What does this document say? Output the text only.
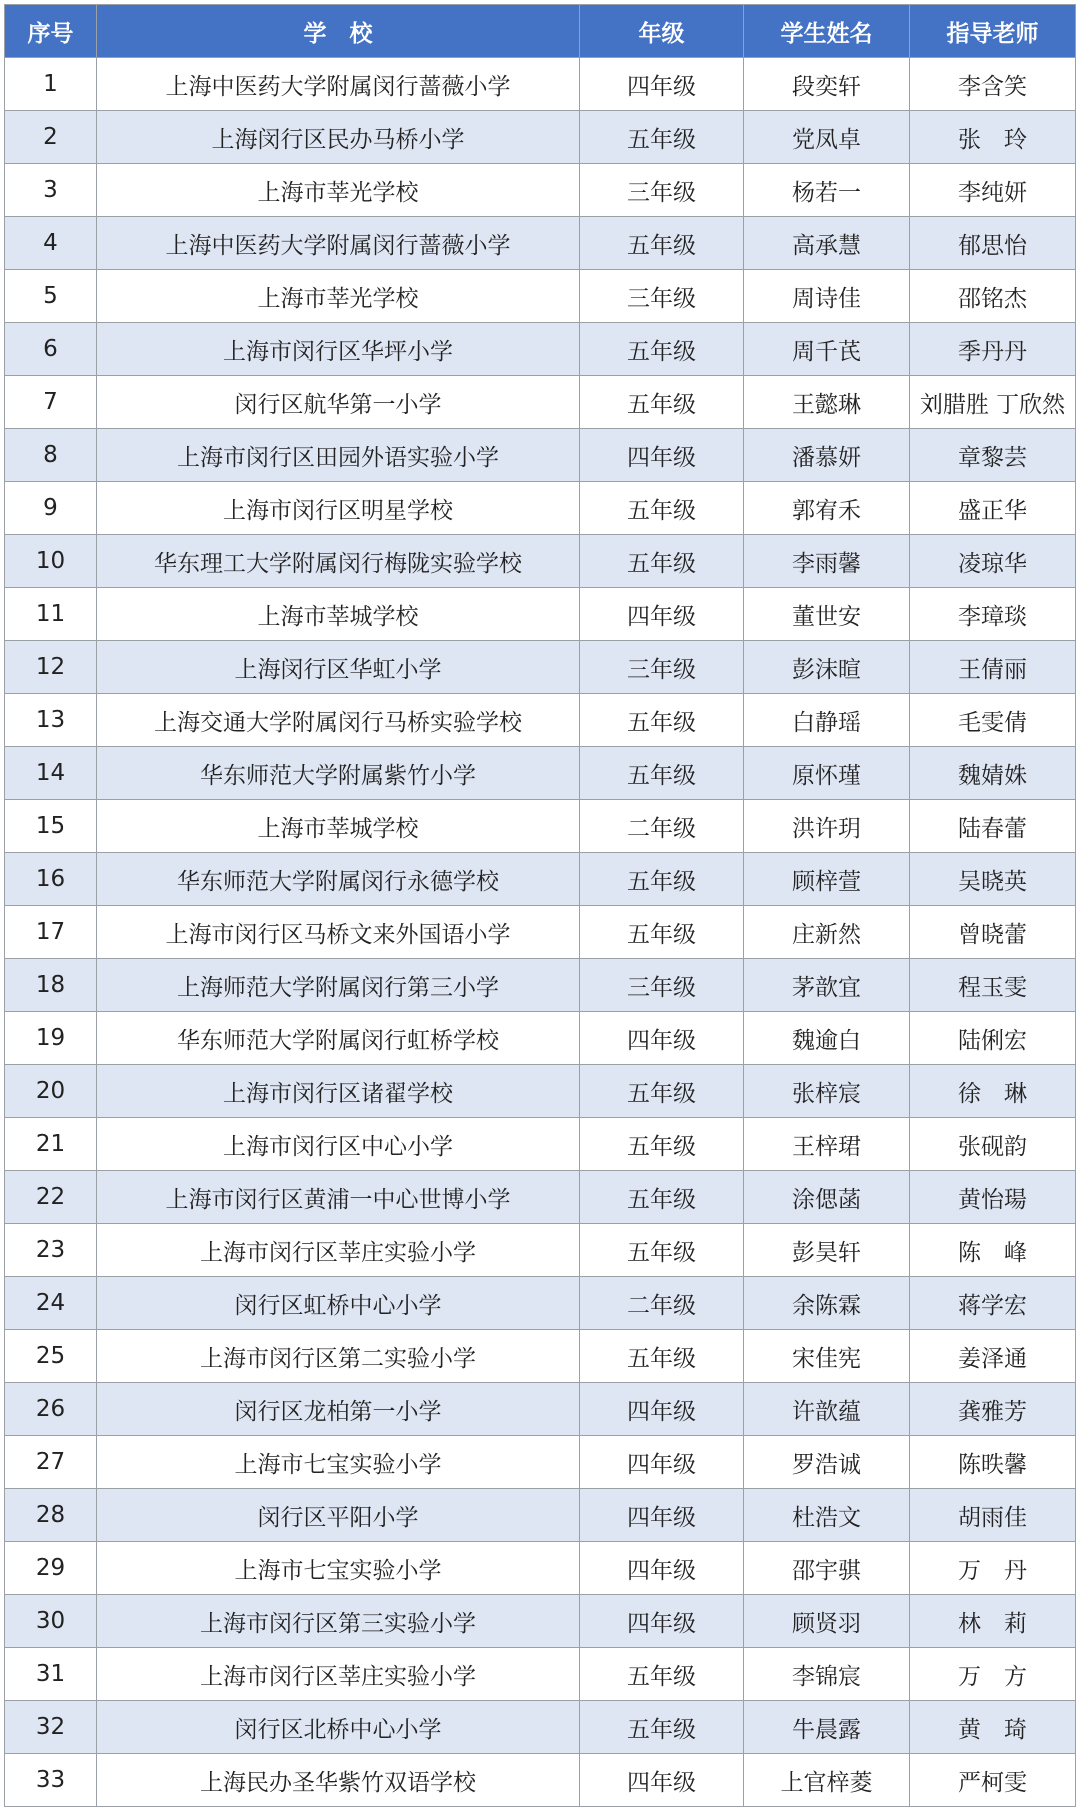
序号	学　校	年级	学生姓名	指导老师
1	上海中医药大学附属闵行蔷薇小学	四年级	段奕轩	李含笑
2	上海闵行区民办马桥小学	五年级	党凤卓	张　玲
3	上海市莘光学校	三年级	杨若一	李纯妍
4	上海中医药大学附属闵行蔷薇小学	五年级	高承慧	郁思怡
5	上海市莘光学校	三年级	周诗佳	邵铭杰
6	上海市闵行区华坪小学	五年级	周千芪	季丹丹
7	闵行区航华第一小学	五年级	王懿琳	刘腊胜 丁欣然
8	上海市闵行区田园外语实验小学	四年级	潘慕妍	章黎芸
9	上海市闵行区明星学校	五年级	郭宥禾	盛正华
10	华东理工大学附属闵行梅陇实验学校	五年级	李雨馨	凌琼华
11	上海市莘城学校	四年级	董世安	李璋琰
12	上海闵行区华虹小学	三年级	彭沫暄	王倩丽
13	上海交通大学附属闵行马桥实验学校	五年级	白静瑶	毛雯倩
14	华东师范大学附属紫竹小学	五年级	原怀瑾	魏婧姝
15	上海市莘城学校	二年级	洪许玥	陆春蕾
16	华东师范大学附属闵行永德学校	五年级	顾梓萱	吴晓英
17	上海市闵行区马桥文来外国语小学	五年级	庄新然	曾晓蕾
18	上海师范大学附属闵行第三小学	三年级	茅歆宜	程玉雯
19	华东师范大学附属闵行虹桥学校	四年级	魏逾白	陆俐宏
20	上海市闵行区诸翟学校	五年级	张梓宸	徐　琳
21	上海市闵行区中心小学	五年级	王梓珺	张砚韵
22	上海市闵行区黄浦一中心世博小学	五年级	涂偲菡	黄怡瑒
23	上海市闵行区莘庄实验小学	五年级	彭昊轩	陈　峰
24	闵行区虹桥中心小学	二年级	余陈霖	蒋学宏
25	上海市闵行区第二实验小学	五年级	宋佳宪	姜泽通
26	闵行区龙柏第一小学	四年级	许歆蕴	龚雅芳
27	上海市七宝实验小学	四年级	罗浩诚	陈昳馨
28	闵行区平阳小学	四年级	杜浩文	胡雨佳
29	上海市七宝实验小学	四年级	邵宇骐	万　丹
30	上海市闵行区第三实验小学	四年级	顾贤羽	林　莉
31	上海市闵行区莘庄实验小学	五年级	李锦宸	万　方
32	闵行区北桥中心小学	五年级	牛晨露	黄　琦
33	上海民办圣华紫竹双语学校	四年级	上官梓菱	严柯雯
